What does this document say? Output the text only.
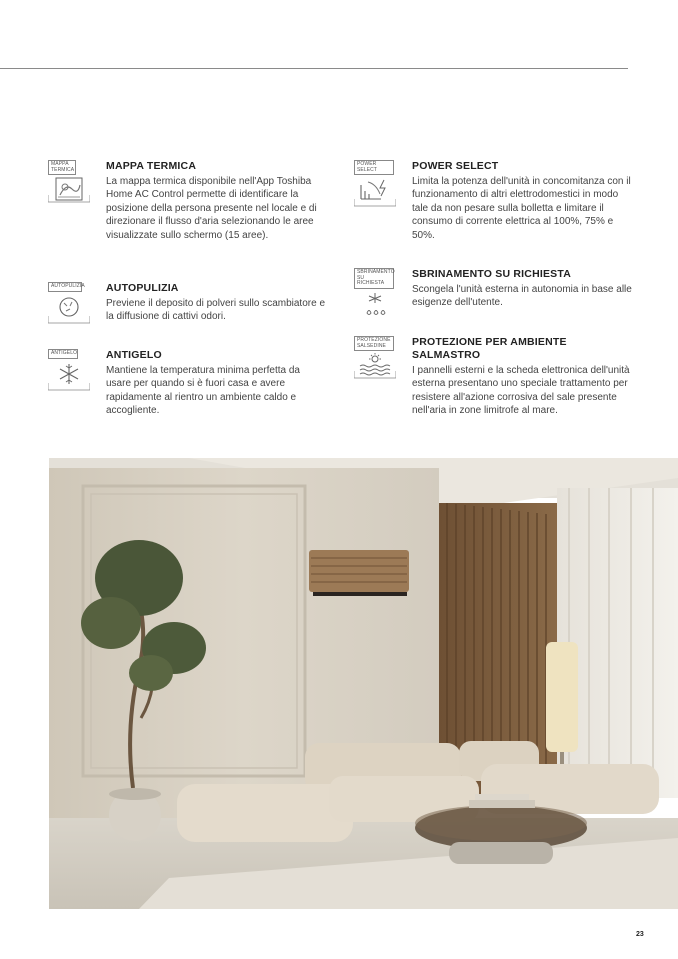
MAPPA TERMICA	MAPPA TERMICA

La mappa termica disponibile nell'App Toshiba Home AC Control permette di identificare la posizione della persona presente nel locale e di direzionare il flusso d'aria selezionando le aree visualizzate sullo schermo (15 aree).

AUTOPULIZIA AUTOPULIZIA

Previene il deposito di polveri sullo scambiatore e la diffusione di cattivi odori.

ANTIGELO	ANTIGELO

Mantiene la temperatura minima perfetta da usare per quando si è fuori casa e avere rapidamente al rientro un ambiente caldo e accogliente.

POWER SELECT	POWER SELECT

Limita la potenza dell'unità in concomitanza con il funzionamento di altri elettrodomestici in modo tale da non pesare sulla bolletta e limitare il consumo di corrente elettrica al 100%, 75% e 50%.

SBRINAMENTO SU RICHIESTA

SBRINAMENTO SU RICHIESTA

Scongela l'unità esterna in autonomia in base alle esigenze dell'utente.

PROTEZIONE SALSEDINE	PROTEZIONE PER AMBIENTE SALMASTRO

I pannelli esterni e la scheda elettronica dell'unità esterna presentano uno speciale trattamento per resistere all'azione corrosiva del sale presente nell'aria in zone limitrofe al mare.

23
